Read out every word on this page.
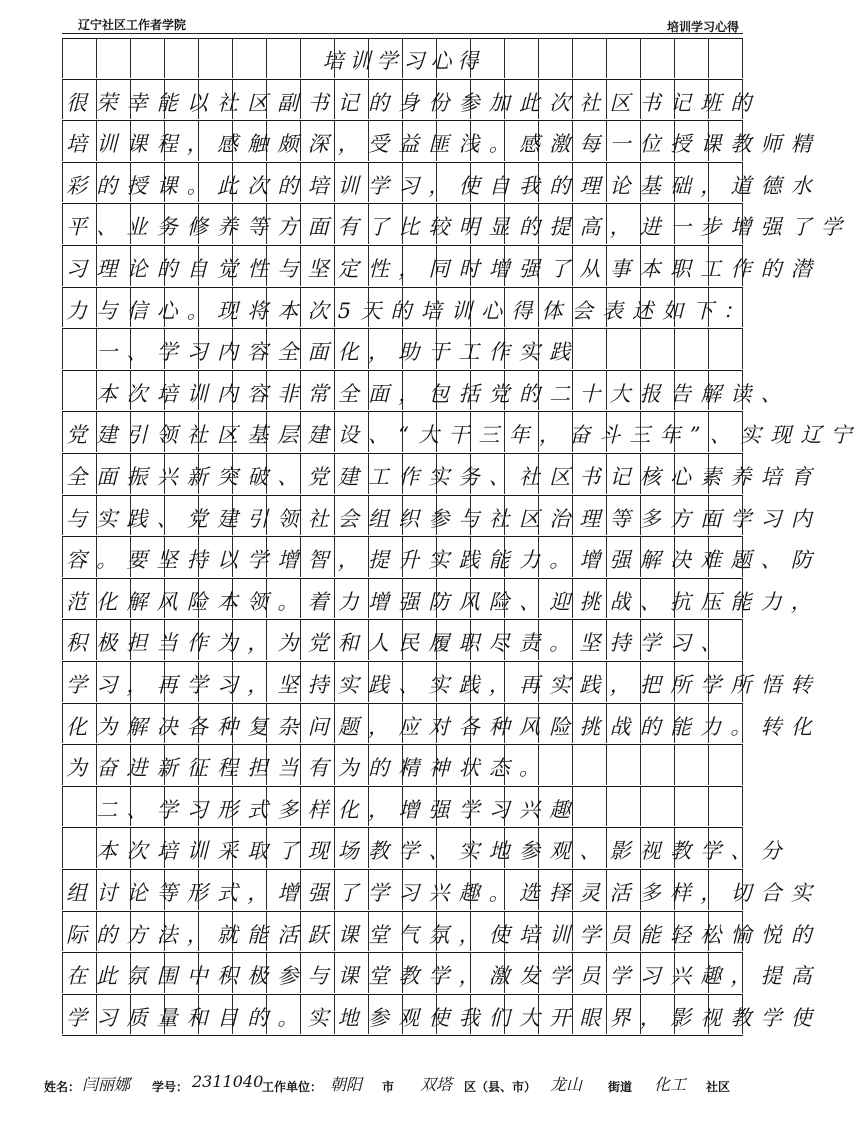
辽宁社区工作者学院	培训学习心得
培训学习心得
很荣幸能以社区副书记的身份参加此次社区书记班的
培训课程，感触颇深，受益匪浅。感激每一位授课教师精
彩的授课。此次的培训学习，使自我的理论基础，道德水
平、业务修养等方面有了比较明显的提高，进一步增强了学
习理论的自觉性与坚定性，同时增强了从事本职工作的潜
力与信心。现将本次5天的培训心得体会表述如下：
　一、学习内容全面化，助于工作实践
　本次培训内容非常全面，包括党的二十大报告解读、
党建引领社区基层建设、“大干三年，奋斗三年”、实现辽宁
全面振兴新突破、党建工作实务、社区书记核心素养培育
与实践、党建引领社会组织参与社区治理等多方面学习内
容。要坚持以学增智，提升实践能力。增强解决难题、防
范化解风险本领。着力增强防风险、迎挑战、抗压能力，
积极担当作为，为党和人民履职尽责。坚持学习、
学习，再学习，坚持实践、实践，再实践，把所学所悟转
化为解决各种复杂问题，应对各种风险挑战的能力。转化
为奋进新征程担当有为的精神状态。
　二、学习形式多样化，增强学习兴趣
　本次培训采取了现场教学、实地参观、影视教学、分
组讨论等形式，增强了学习兴趣。选择灵活多样，切合实
际的方法，就能活跃课堂气氛，使培训学员能轻松愉悦的
在此氛围中积极参与课堂教学，激发学员学习兴趣，提高
学习质量和目的。实地参观使我们大开眼界，影视教学使
姓名： 闫丽娜 学号： 2311040
工作单位： 朝阳 市 双塔 区（县、市） 龙山 街道 化工 社区
